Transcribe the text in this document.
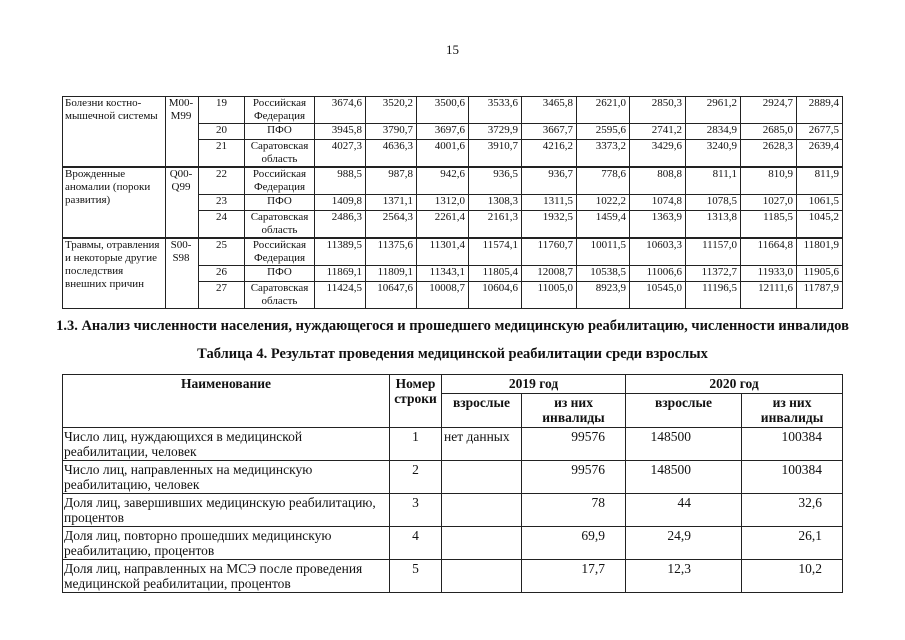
15
Болезни костно-мышечной системы	М00-М99	19	Российская Федерация	3674,6	3520,2	3500,6	3533,6	3465,8	2621,0	2850,3	2961,2	2924,7	2889,4
		20	ПФО	3945,8	3790,7	3697,6	3729,9	3667,7	2595,6	2741,2	2834,9	2685,0	2677,5
		21	Саратовская область	4027,3	4636,3	4001,6	3910,7	4216,2	3373,2	3429,6	3240,9	2628,3	2639,4
Врожденные аномалии (пороки развития)	Q00-Q99	22	Российская Федерация	988,5	987,8	942,6	936,5	936,7	778,6	808,8	811,1	810,9	811,9
		23	ПФО	1409,8	1371,1	1312,0	1308,3	1311,5	1022,2	1074,8	1078,5	1027,0	1061,5
		24	Саратовская область	2486,3	2564,3	2261,4	2161,3	1932,5	1459,4	1363,9	1313,8	1185,5	1045,2
Травмы, отравления и некоторые другие последствия внешних причин	S00-S98	25	Российская Федерация	11389,5	11375,6	11301,4	11574,1	11760,7	10011,5	10603,3	11157,0	11664,8	11801,9
		26	ПФО	11869,1	11809,1	11343,1	11805,4	12008,7	10538,5	11006,6	11372,7	11933,0	11905,6
		27	Саратовская область	11424,5	10647,6	10008,7	10604,6	11005,0	8923,9	10545,0	11196,5	12111,6	11787,9
1.3. Анализ численности населения, нуждающегося и прошедшего медицинскую реабилитацию, численности инвалидов
Таблица 4. Результат проведения медицинской реабилитации среди взрослых
Наименование	Номер строки	2019 год		2020 год	
		взрослые	из них инвалиды	взрослые	из них инвалиды
Число лиц, нуждающихся в медицинской реабилитации, человек	1	нет данных	99576	148500	100384
Число лиц, направленных на медицинскую реабилитацию, человек	2		99576	148500	100384
Доля лиц, завершивших медицинскую реабилитацию, процентов	3		78	44	32,6
Доля лиц, повторно прошедших медицинскую реабилитацию, процентов	4		69,9	24,9	26,1
Доля лиц, направленных на МСЭ после проведения медицинской реабилитации, процентов	5		17,7	12,3	10,2
